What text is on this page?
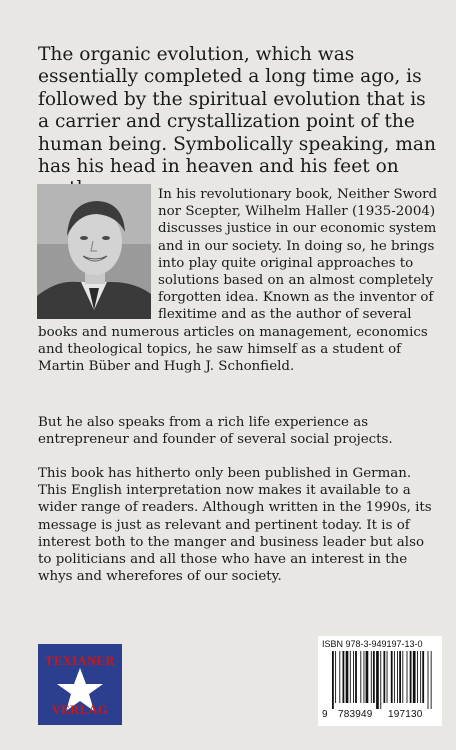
The organic evolution, which was essentially completed a long time ago, is followed by the spiritual evolution that is a carrier and crystallization point of the human being. Symbolically speaking, man has his head in heaven and his feet on

In his revolutionary book, Neither Sword nor Scepter, Wilhelm Haller (1935-2004) discusses justice in our economic system and in our society. In doing so, he brings into play quite original approaches to solutions based on an almost completely forgotten idea. Known as the inventor of flexitime and as the author of several books and numerous articles on management, economics and theological topics, he saw himself as a student of Martin Büber and Hugh J. Schonfield.

But he also speaks from a rich life experience as entrepreneur and founder of several social projects.

This book has hitherto only been published in German. This English interpretation now makes it available to a wider range of readers. Although written in the 1990s, its message is just as relevant and pertinent today. It is of interest both to the manger and business leader but also to politicians and all those who have an interest in the whys and wherefores of our society.

TEXIANER
VERLAG
ISBN 978-3-949197-13-0
9 783949 197130
